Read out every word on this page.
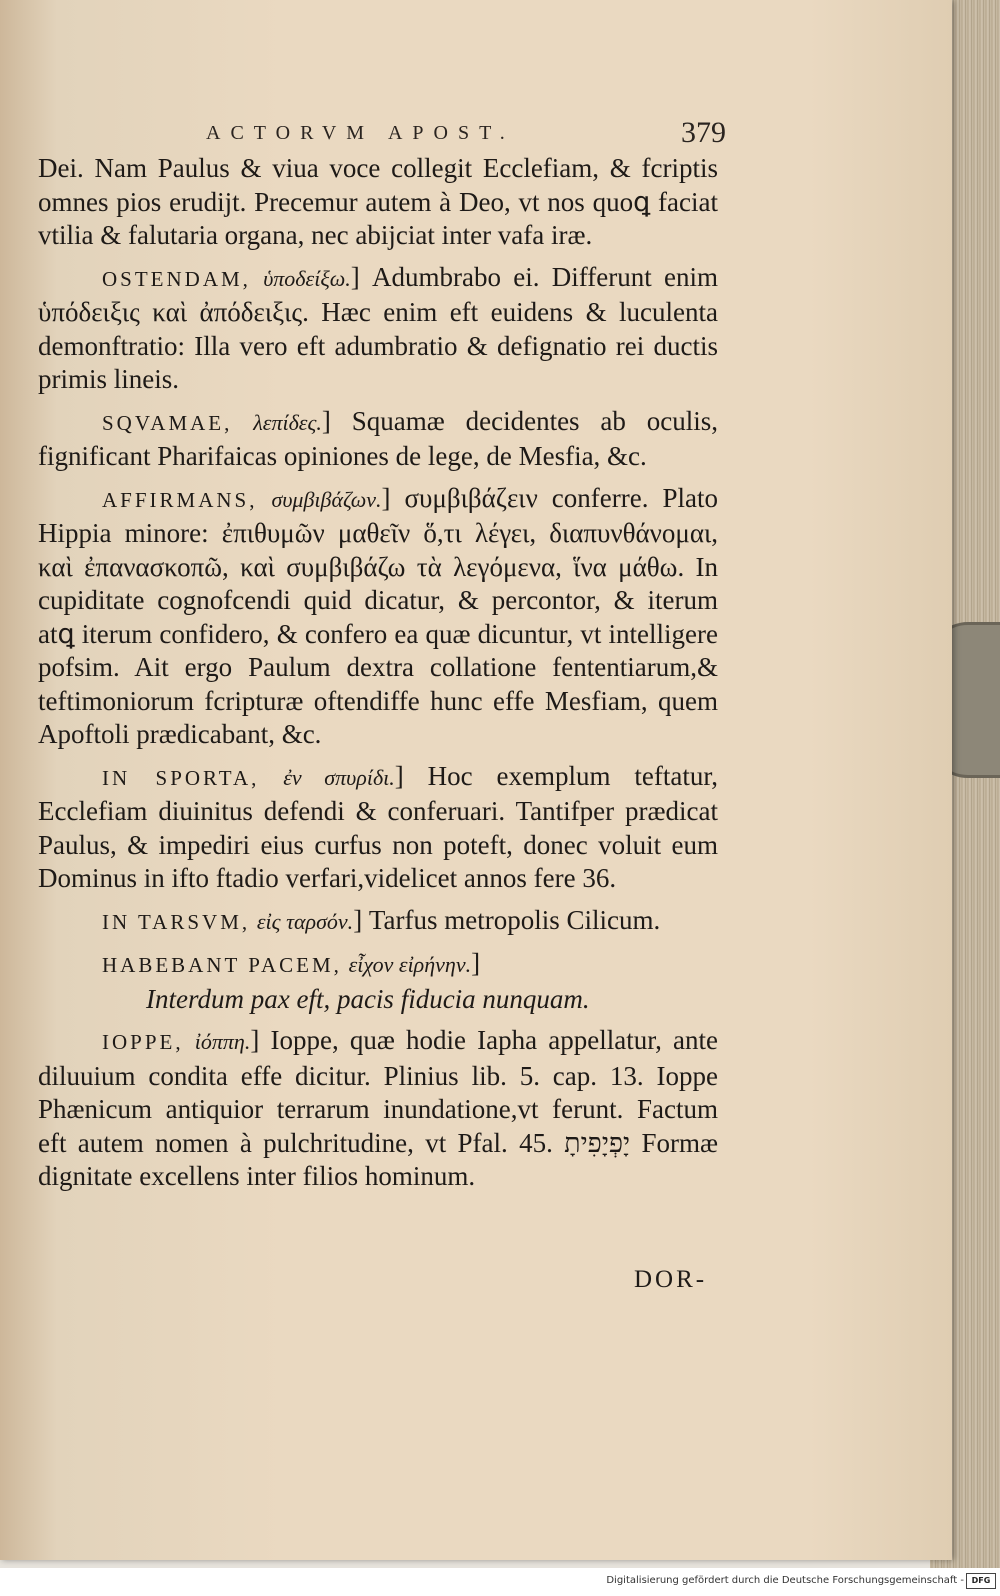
ACTORVM APOST.	379

Dei. Nam Paulus & viua voce collegit Ecclefiam, & fcriptis omnes pios erudijt. Precemur autem à Deo, vt nos quoꝗ faciat vtilia & falutaria organa, nec abijciat inter vafa iræ.

OSTENDAM, ὑποδείξω.] Adumbrabo ei. Differunt enim ὑπόδειξις καὶ ἀπόδειξις. Hæc enim eft euidens & luculenta demonftratio: Illa vero eft adumbratio & defignatio rei ductis primis lineis.

SQVAMAE, λεπίδες.] Squamæ decidentes ab oculis, fignificant Pharifaicas opiniones de lege, de Mesfia, &c.

AFFIRMANS, συμβιβάζων.] συμβιβάζειν conferre. Plato Hippia minore: ἐπιθυμῶν μαθεῖν ὅ,τι λέγει, διαπυνθάνομαι, καὶ ἐπανασκοπῶ, καὶ συμβιβάζω τὰ λεγόμενα, ἵνα μάθω. In cupiditate cognofcendi quid dicatur, & percontor, & iterum atꝗ iterum confidero, & confero ea quæ dicuntur, vt intelligere pofsim. Ait ergo Paulum dextra collatione fententiarum,& teftimoniorum fcripturæ oftendiffe hunc effe Mesfiam, quem Apoftoli prædicabant, &c.

IN SPORTA, ἐν σπυρίδι.] Hoc exemplum teftatur, Ecclefiam diuinitus defendi & conferuari. Tantifper prædicat Paulus, & impediri eius curfus non poteft, donec voluit eum Dominus in ifto ftadio verfari,videlicet annos fere 36.

IN TARSVM, εἰς ταρσόν.] Tarfus metropolis Cilicum.

HABEBANT PACEM, εἶχον εἰρήνην.]

Interdum pax eft, pacis fiducia nunquam.

IOPPE, ἰόππη.] Ioppe, quæ hodie Iapha appellatur, ante diluuium condita effe dicitur. Plinius lib. 5. cap. 13. Ioppe Phænicum antiquior terrarum inundatione,vt ferunt. Factum eft autem nomen à pulchritudine, vt Pfal. 45. יָפְיָפִיתָ Formæ dignitate excellens inter filios hominum.

DOR-
Digitalisierung gefördert durch die Deutsche Forschungsgemeinschaft - DFG
